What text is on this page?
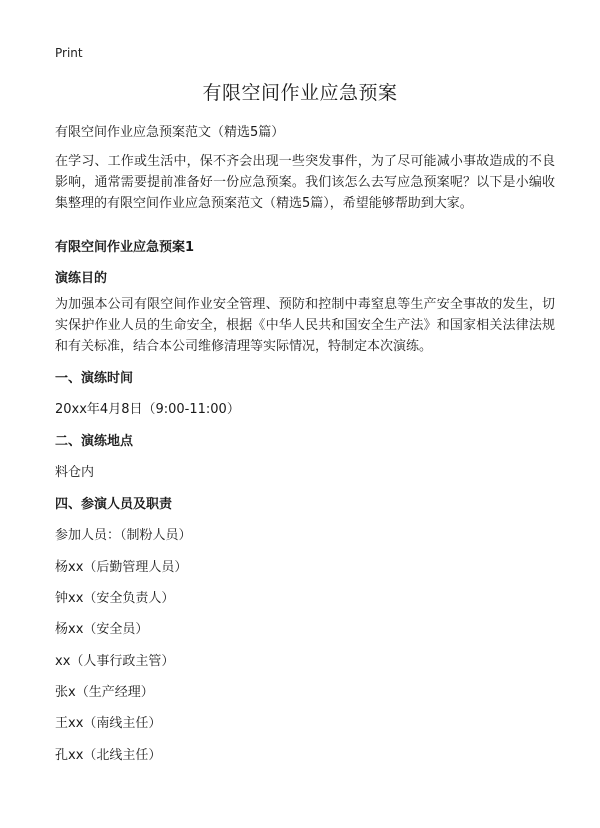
Print
有限空间作业应急预案
有限空间作业应急预案范文（精选5篇）
在学习、工作或生活中，保不齐会出现一些突发事件，为了尽可能减小事故造成的不良影响，通常需要提前准备好一份应急预案。我们该怎么去写应急预案呢？以下是小编收集整理的有限空间作业应急预案范文（精选5篇），希望能够帮助到大家。
有限空间作业应急预案1
演练目的
为加强本公司有限空间作业安全管理、预防和控制中毒窒息等生产安全事故的发生，切实保护作业人员的生命安全，根据《中华人民共和国安全生产法》和国家相关法律法规和有关标准，结合本公司维修清理等实际情况，特制定本次演练。
一、演练时间
20xx年4月8日（9:00-11:00）
二、演练地点
料仓内
四、参演人员及职责
参加人员：（制粉人员）
杨xx（后勤管理人员）
钟xx（安全负责人）
杨xx（安全员）
xx（人事行政主管）
张x（生产经理）
王xx（南线主任）
孔xx（北线主任）
